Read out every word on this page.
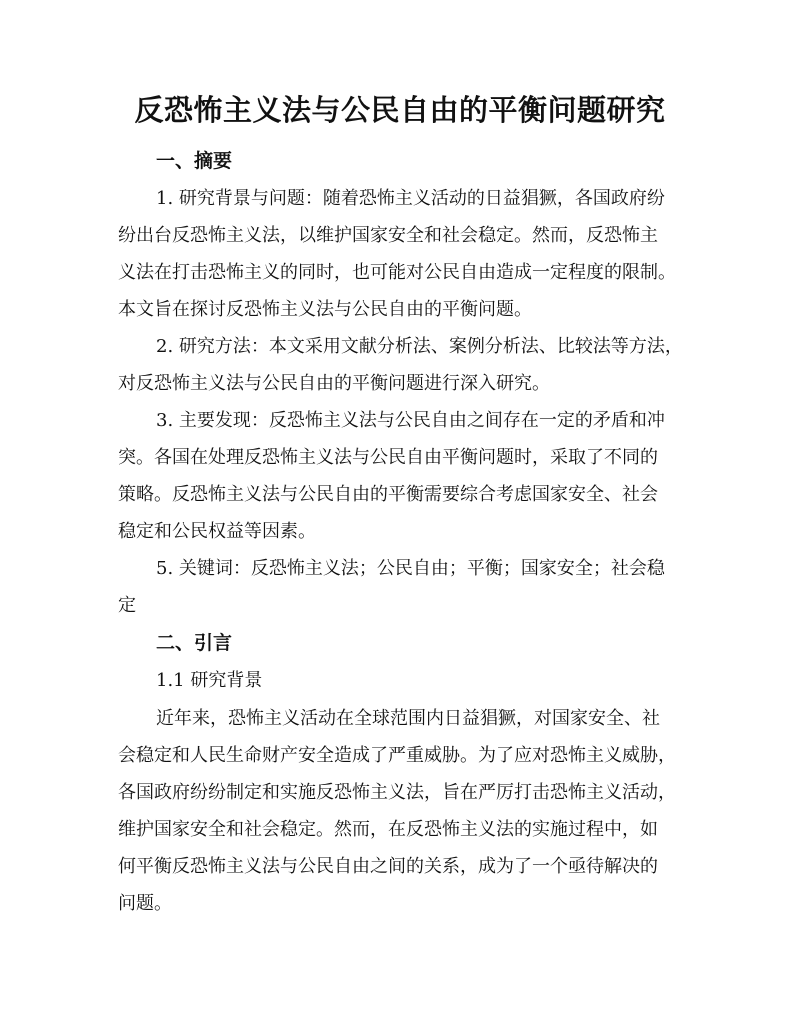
反恐怖主义法与公民自由的平衡问题研究
一、摘要
1. 研究背景与问题：随着恐怖主义活动的日益猖獗，各国政府纷
纷出台反恐怖主义法，以维护国家安全和社会稳定。然而，反恐怖主
义法在打击恐怖主义的同时，也可能对公民自由造成一定程度的限制。
本文旨在探讨反恐怖主义法与公民自由的平衡问题。
2. 研究方法：本文采用文献分析法、案例分析法、比较法等方法，
对反恐怖主义法与公民自由的平衡问题进行深入研究。
3. 主要发现：反恐怖主义法与公民自由之间存在一定的矛盾和冲
突。各国在处理反恐怖主义法与公民自由平衡问题时，采取了不同的
策略。反恐怖主义法与公民自由的平衡需要综合考虑国家安全、社会
稳定和公民权益等因素。
5. 关键词：反恐怖主义法；公民自由；平衡；国家安全；社会稳
定
二、引言
1.1 研究背景
近年来，恐怖主义活动在全球范围内日益猖獗，对国家安全、社
会稳定和人民生命财产安全造成了严重威胁。为了应对恐怖主义威胁，
各国政府纷纷制定和实施反恐怖主义法，旨在严厉打击恐怖主义活动，
维护国家安全和社会稳定。然而，在反恐怖主义法的实施过程中，如
何平衡反恐怖主义法与公民自由之间的关系，成为了一个亟待解决的
问题。
